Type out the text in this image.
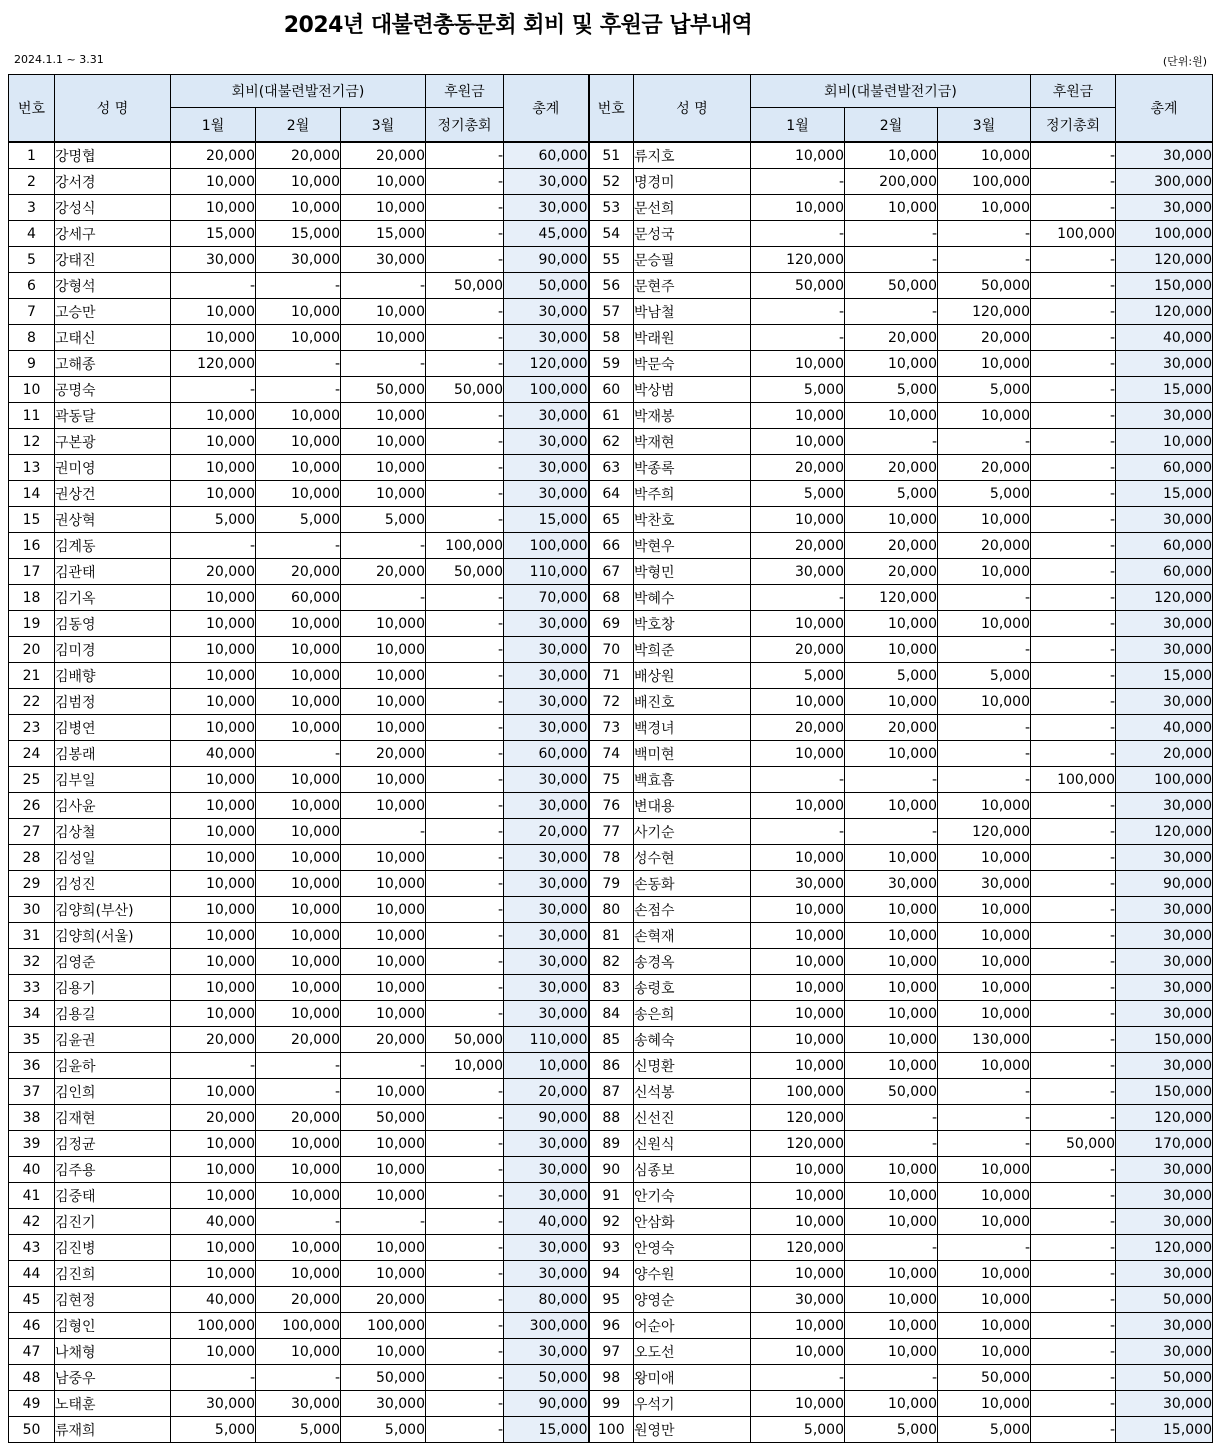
2024년 대불련총동문회 회비 및 후원금 납부내역
2024.1.1 ~ 3.31	(단위:원)
번호	성 명	회비(대불련발전기금)			후원금	총계	번호	성 명	회비(대불련발전기금)			후원금	총계
		1월	2월	3월	정기총회				1월	2월	3월	정기총회	
1	강명협	20,000	20,000	20,000	-	60,000	51	류지호	10,000	10,000	10,000	-	30,000
2	강서경	10,000	10,000	10,000	-	30,000	52	명경미	-	200,000	100,000	-	300,000
3	강성식	10,000	10,000	10,000	-	30,000	53	문선희	10,000	10,000	10,000	-	30,000
4	강세구	15,000	15,000	15,000	-	45,000	54	문성국	-	-	-	100,000	100,000
5	강태진	30,000	30,000	30,000	-	90,000	55	문승필	120,000	-	-	-	120,000
6	강형석	-	-	-	50,000	50,000	56	문현주	50,000	50,000	50,000	-	150,000
7	고승만	10,000	10,000	10,000	-	30,000	57	박남철	-	-	120,000	-	120,000
8	고태신	10,000	10,000	10,000	-	30,000	58	박래원	-	20,000	20,000	-	40,000
9	고해종	120,000	-	-	-	120,000	59	박문숙	10,000	10,000	10,000	-	30,000
10	공명숙	-	-	50,000	50,000	100,000	60	박상범	5,000	5,000	5,000	-	15,000
11	곽동달	10,000	10,000	10,000	-	30,000	61	박재봉	10,000	10,000	10,000	-	30,000
12	구본광	10,000	10,000	10,000	-	30,000	62	박재현	10,000	-	-	-	10,000
13	권미영	10,000	10,000	10,000	-	30,000	63	박종록	20,000	20,000	20,000	-	60,000
14	권상건	10,000	10,000	10,000	-	30,000	64	박주희	5,000	5,000	5,000	-	15,000
15	권상혁	5,000	5,000	5,000	-	15,000	65	박찬호	10,000	10,000	10,000	-	30,000
16	김계동	-	-	-	100,000	100,000	66	박현우	20,000	20,000	20,000	-	60,000
17	김관태	20,000	20,000	20,000	50,000	110,000	67	박형민	30,000	20,000	10,000	-	60,000
18	김기옥	10,000	60,000	-	-	70,000	68	박혜수	-	120,000	-	-	120,000
19	김동영	10,000	10,000	10,000	-	30,000	69	박호창	10,000	10,000	10,000	-	30,000
20	김미경	10,000	10,000	10,000	-	30,000	70	박희준	20,000	10,000	-	-	30,000
21	김배향	10,000	10,000	10,000	-	30,000	71	배상원	5,000	5,000	5,000	-	15,000
22	김범정	10,000	10,000	10,000	-	30,000	72	배진호	10,000	10,000	10,000	-	30,000
23	김병연	10,000	10,000	10,000	-	30,000	73	백경녀	20,000	20,000	-	-	40,000
24	김봉래	40,000	-	20,000	-	60,000	74	백미현	10,000	10,000	-	-	20,000
25	김부일	10,000	10,000	10,000	-	30,000	75	백효흠	-	-	-	100,000	100,000
26	김사윤	10,000	10,000	10,000	-	30,000	76	변대용	10,000	10,000	10,000	-	30,000
27	김상철	10,000	10,000	-	-	20,000	77	사기순	-	-	120,000	-	120,000
28	김성일	10,000	10,000	10,000	-	30,000	78	성수현	10,000	10,000	10,000	-	30,000
29	김성진	10,000	10,000	10,000	-	30,000	79	손동화	30,000	30,000	30,000	-	90,000
30	김양희(부산)	10,000	10,000	10,000	-	30,000	80	손점수	10,000	10,000	10,000	-	30,000
31	김양희(서울)	10,000	10,000	10,000	-	30,000	81	손혁재	10,000	10,000	10,000	-	30,000
32	김영준	10,000	10,000	10,000	-	30,000	82	송경옥	10,000	10,000	10,000	-	30,000
33	김용기	10,000	10,000	10,000	-	30,000	83	송령호	10,000	10,000	10,000	-	30,000
34	김용길	10,000	10,000	10,000	-	30,000	84	송은희	10,000	10,000	10,000	-	30,000
35	김윤권	20,000	20,000	20,000	50,000	110,000	85	송혜숙	10,000	10,000	130,000	-	150,000
36	김윤하	-	-	-	10,000	10,000	86	신명환	10,000	10,000	10,000	-	30,000
37	김인희	10,000	-	10,000	-	20,000	87	신석봉	100,000	50,000	-	-	150,000
38	김재현	20,000	20,000	50,000	-	90,000	88	신선진	120,000	-	-	-	120,000
39	김정균	10,000	10,000	10,000	-	30,000	89	신원식	120,000	-	-	50,000	170,000
40	김주용	10,000	10,000	10,000	-	30,000	90	심종보	10,000	10,000	10,000	-	30,000
41	김중태	10,000	10,000	10,000	-	30,000	91	안기숙	10,000	10,000	10,000	-	30,000
42	김진기	40,000	-	-	-	40,000	92	안삼화	10,000	10,000	10,000	-	30,000
43	김진병	10,000	10,000	10,000	-	30,000	93	안영숙	120,000	-	-	-	120,000
44	김진희	10,000	10,000	10,000	-	30,000	94	양수원	10,000	10,000	10,000	-	30,000
45	김현정	40,000	20,000	20,000	-	80,000	95	양영순	30,000	10,000	10,000	-	50,000
46	김형인	100,000	100,000	100,000	-	300,000	96	어순아	10,000	10,000	10,000	-	30,000
47	나채형	10,000	10,000	10,000	-	30,000	97	오도선	10,000	10,000	10,000	-	30,000
48	남중우	-	-	50,000	-	50,000	98	왕미애	-	-	50,000	-	50,000
49	노태훈	30,000	30,000	30,000	-	90,000	99	우석기	10,000	10,000	10,000	-	30,000
50	류재희	5,000	5,000	5,000	-	15,000	100	원영만	5,000	5,000	5,000	-	15,000
